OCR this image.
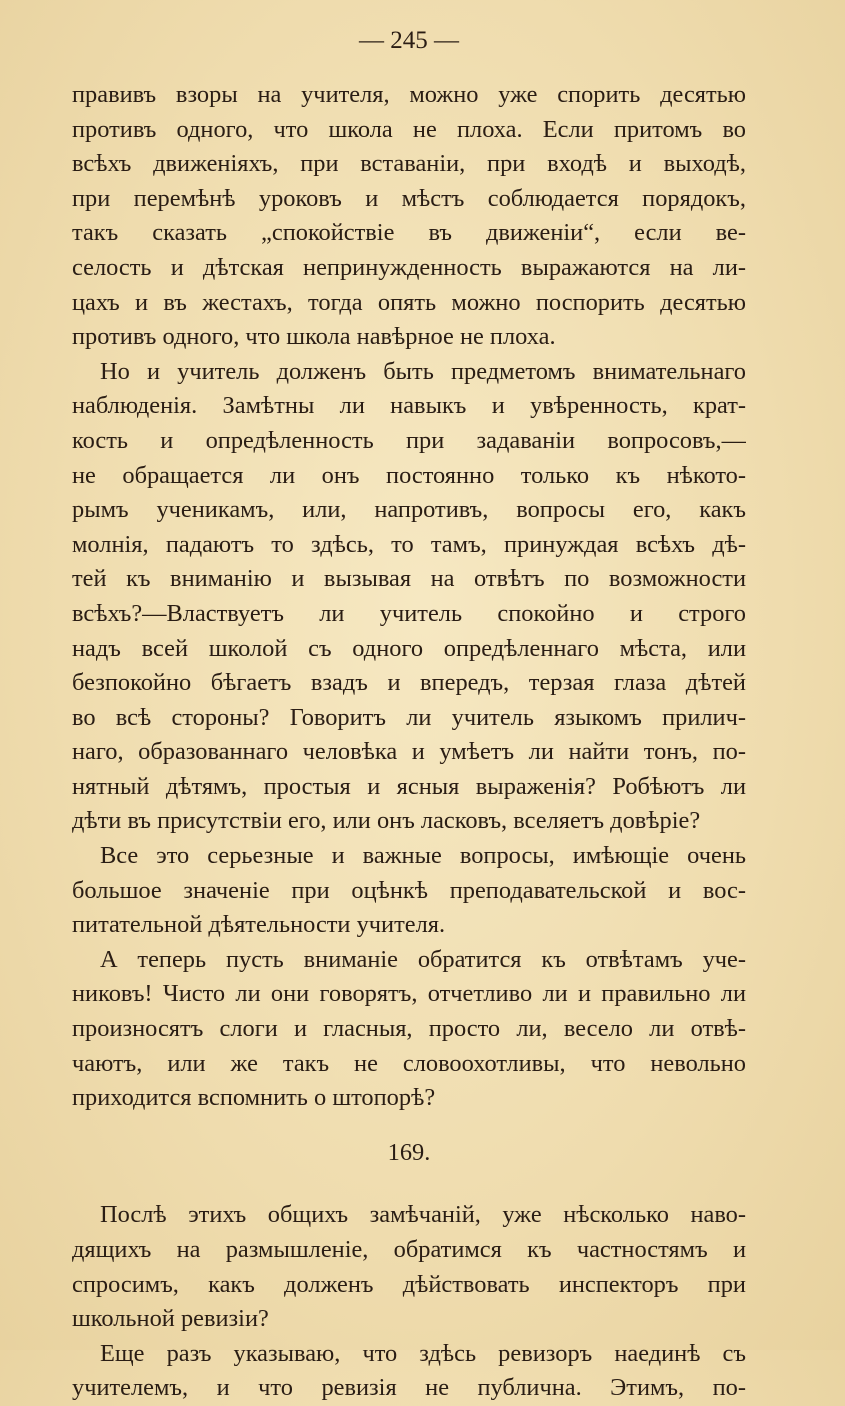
— 245 —
правивъ взоры на учителя, можно уже спорить десятью
противъ одного, что школа не плоха. Если притомъ во
всѣхъ движеніяхъ, при вставаніи, при входѣ и выходѣ,
при перемѣнѣ уроковъ и мѣстъ соблюдается порядокъ,
такъ сказать „спокойствіе въ движеніи“, если ве-
селость и дѣтская непринужденность выражаются на ли-
цахъ и въ жестахъ, тогда опять можно поспорить десятью
противъ одного, что школа навѣрное не плоха.
Но и учитель долженъ быть предметомъ внимательнаго
наблюденія. Замѣтны ли навыкъ и увѣренность, крат-
кость и опредѣленность при задаваніи вопросовъ,—
не обращается ли онъ постоянно только къ нѣкото-
рымъ ученикамъ, или, напротивъ, вопросы его, какъ
молнія, падаютъ то здѣсь, то тамъ, принуждая всѣхъ дѣ-
тей къ вниманію и вызывая на отвѣтъ по возможности
всѣхъ?—Властвуетъ ли учитель спокойно и строго
надъ всей школой съ одного опредѣленнаго мѣста, или
безпокойно бѣгаетъ взадъ и впередъ, терзая глаза дѣтей
во всѣ стороны? Говоритъ ли учитель языкомъ прилич-
наго, образованнаго человѣка и умѣетъ ли найти тонъ, по-
нятный дѣтямъ, простыя и ясныя выраженія? Робѣютъ ли
дѣти въ присутствіи его, или онъ ласковъ, вселяетъ довѣріе?
Все это серьезные и важные вопросы, имѣющіе очень
большое значеніе при оцѣнкѣ преподавательской и вос-
питательной дѣятельности учителя.
А теперь пусть вниманіе обратится къ отвѣтамъ уче-
никовъ! Чисто ли они говорятъ, отчетливо ли и правильно ли
произносятъ слоги и гласныя, просто ли, весело ли отвѣ-
чаютъ, или же такъ не словоохотливы, что невольно
приходится вспомнить о штопорѣ?
169.
Послѣ этихъ общихъ замѣчаній, уже нѣсколько наво-
дящихъ на размышленіе, обратимся къ частностямъ и
спросимъ, какъ долженъ дѣйствовать инспекторъ при
школьной ревизіи?
Еще разъ указываю, что здѣсь ревизоръ наединѣ съ
учителемъ, и что ревизія не публична. Этимъ, по-
